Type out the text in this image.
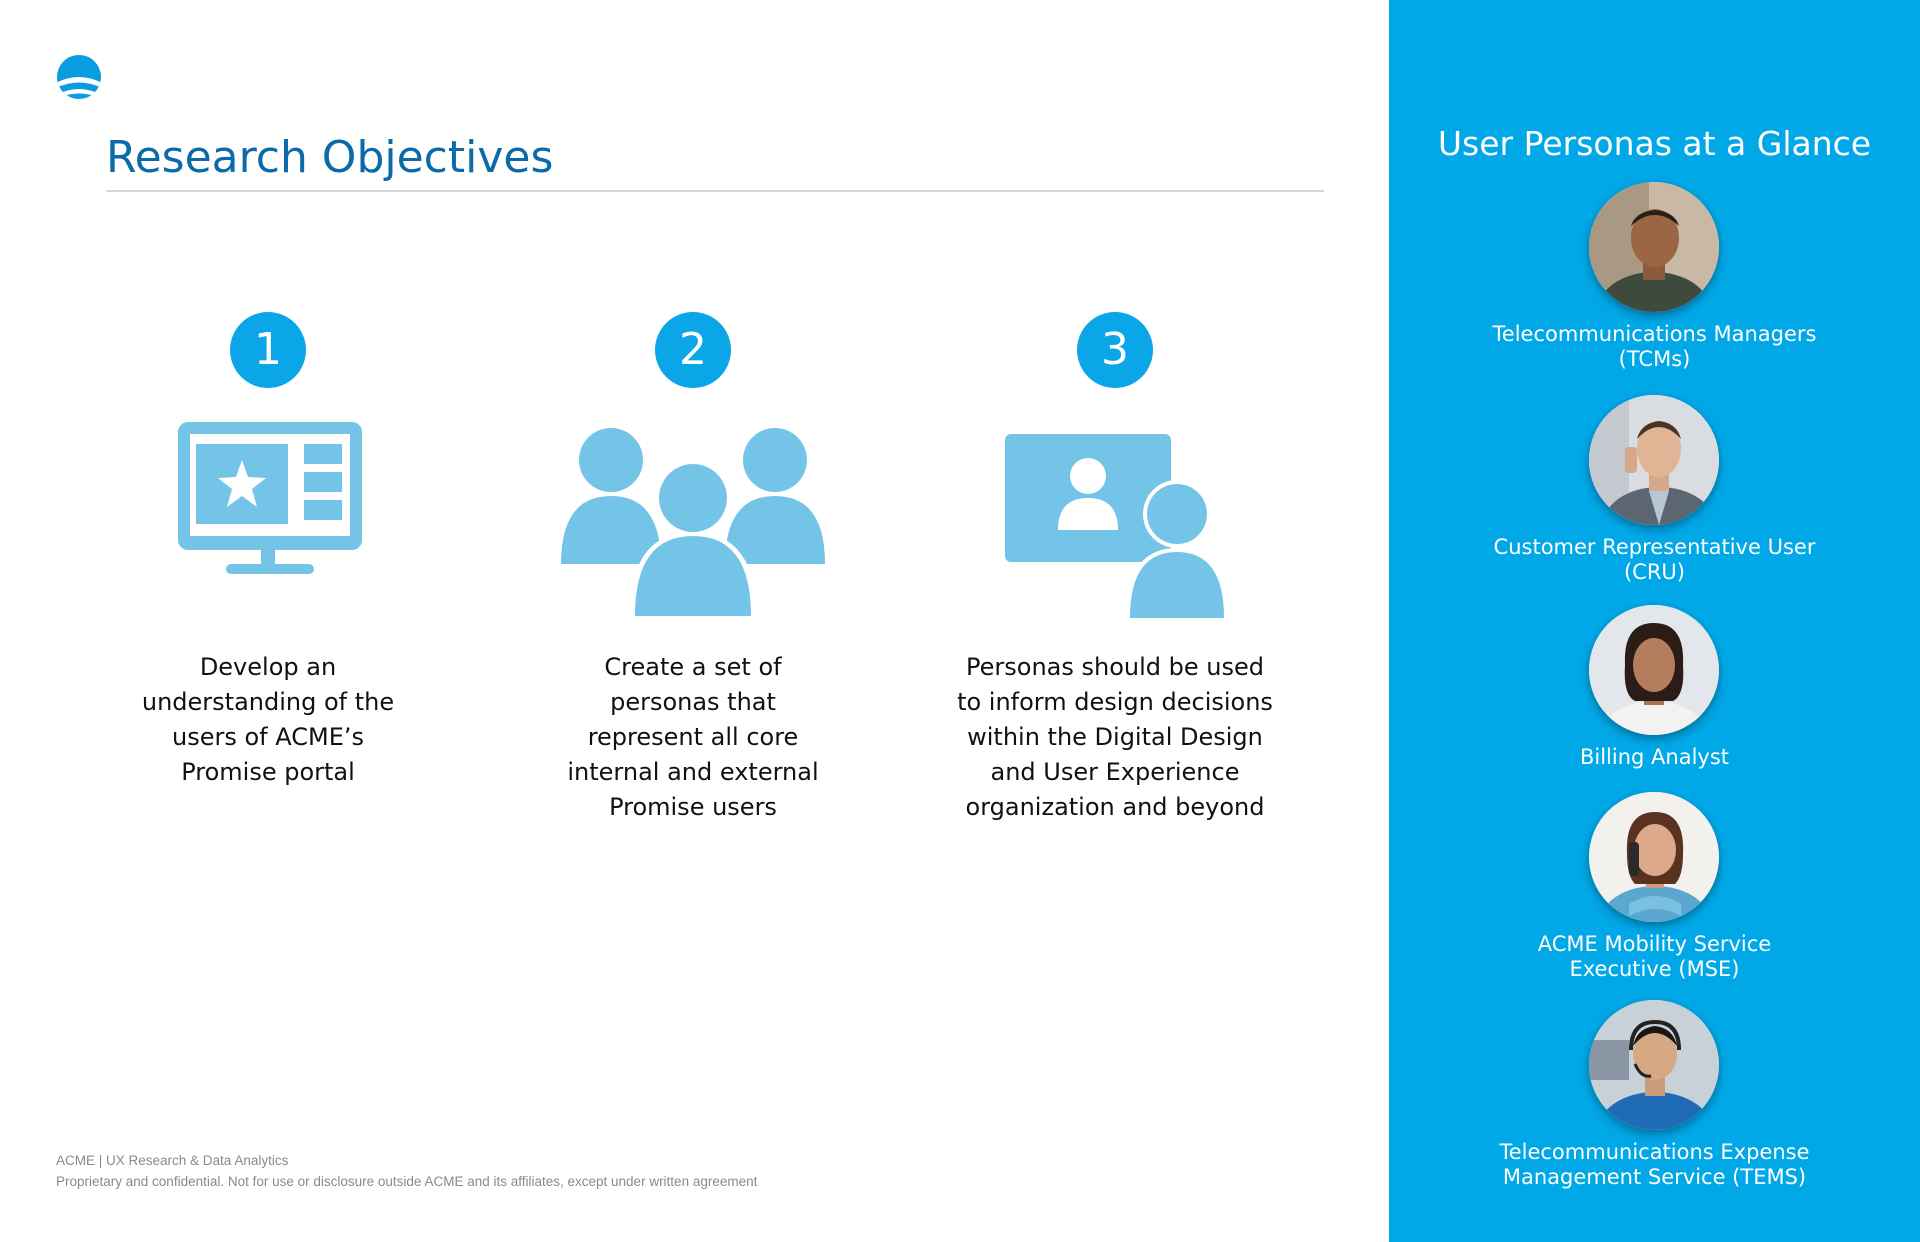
Research Objectives
1
Develop an
understanding of the
users of ACME’s
Promise portal
2
Create a set of
personas that
represent all core
internal and external
Promise users
3
Personas should be used
to inform design decisions
within the Digital Design
and User Experience
organization and beyond
User Personas at a Glance
Telecommunications Managers
(TCMs)
Customer Representative User
(CRU)
Billing Analyst
ACME Mobility Service
Executive (MSE)
Telecommunications Expense
Management Service (TEMS)
ACME | UX Research & Data Analytics
Proprietary and confidential. Not for use or disclosure outside ACME and its affiliates, except under written agreement
